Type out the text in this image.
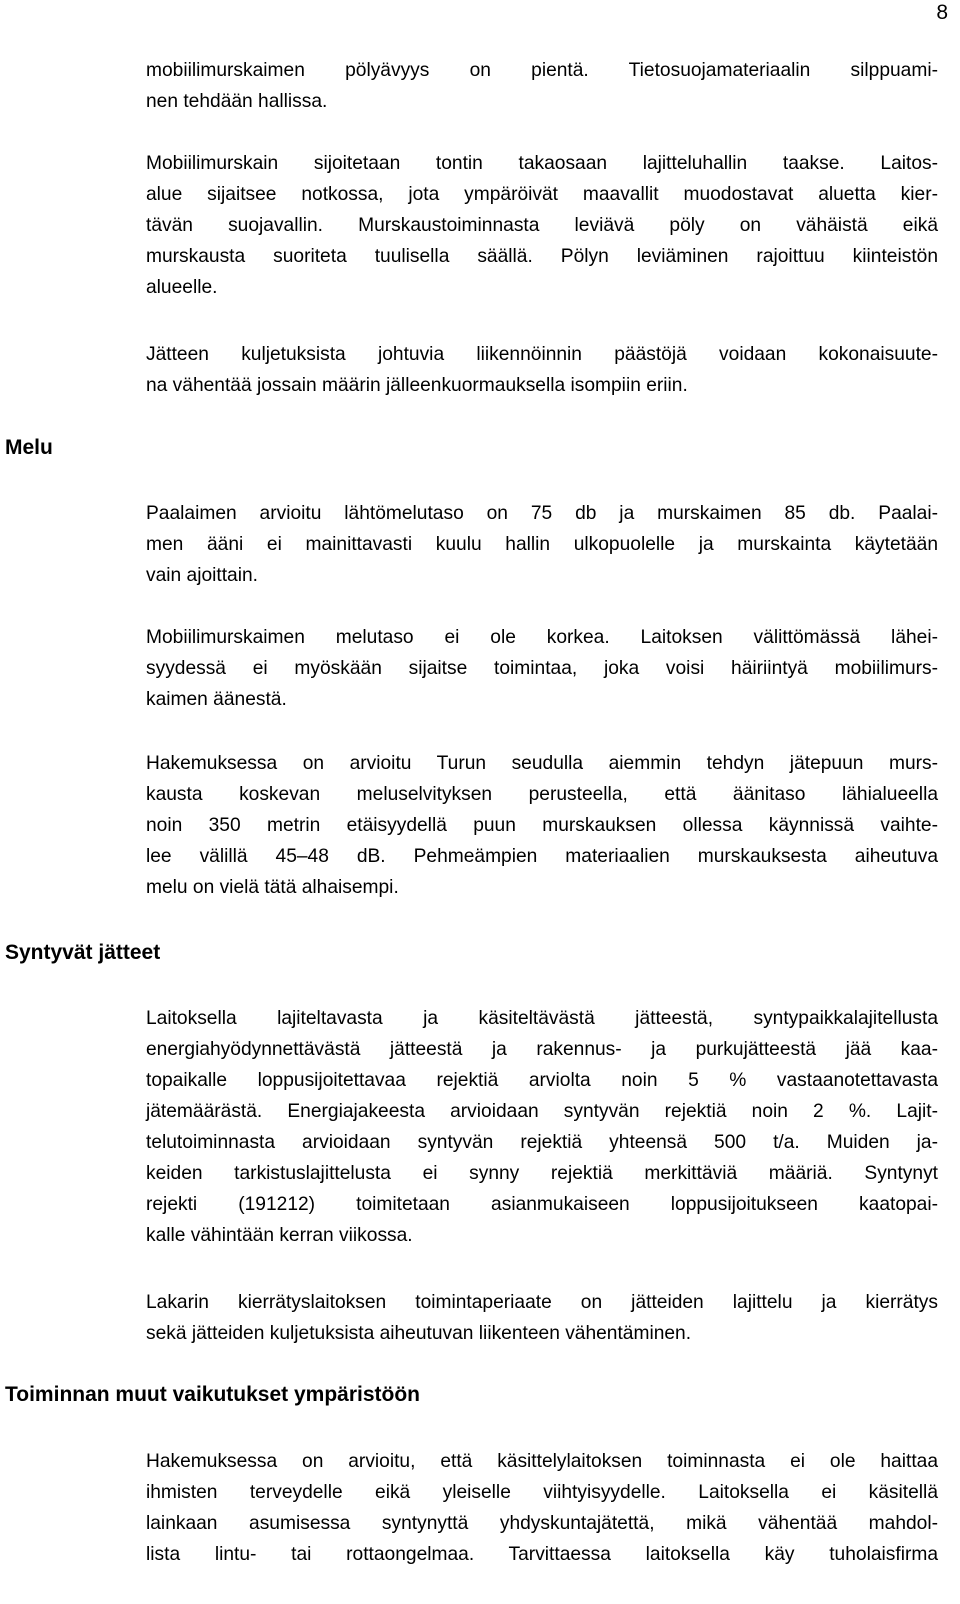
8
mobiilimurskaimen pölyävyys on pientä. Tietosuojamateriaalin silppuami-
nen tehdään hallissa.
Mobiilimurskain sijoitetaan tontin takaosaan lajitteluhallin taakse. Laitos-
alue sijaitsee notkossa, jota ympäröivät maavallit muodostavat aluetta kier-
tävän suojavallin. Murskaustoiminnasta leviävä pöly on vähäistä eikä
murskausta suoriteta tuulisella säällä. Pölyn leviäminen rajoittuu kiinteistön
alueelle.
Jätteen kuljetuksista johtuvia liikennöinnin päästöjä voidaan kokonaisuute-
na vähentää jossain määrin jälleenkuormauksella isompiin eriin.
Melu
Paalaimen arvioitu lähtömelutaso on 75 db ja murskaimen 85 db. Paalai-
men ääni ei mainittavasti kuulu hallin ulkopuolelle ja murskainta käytetään
vain ajoittain.
Mobiilimurskaimen melutaso ei ole korkea. Laitoksen välittömässä lähei-
syydessä ei myöskään sijaitse toimintaa, joka voisi häiriintyä mobiilimurs-
kaimen äänestä.
Hakemuksessa on arvioitu Turun seudulla aiemmin tehdyn jätepuun murs-
kausta koskevan meluselvityksen perusteella, että äänitaso lähialueella
noin 350 metrin etäisyydellä puun murskauksen ollessa käynnissä vaihte-
lee välillä 45–48 dB. Pehmeämpien materiaalien murskauksesta aiheutuva
melu on vielä tätä alhaisempi.
Syntyvät jätteet
Laitoksella lajiteltavasta ja käsiteltävästä jätteestä, syntypaikkalajitellusta
energiahyödynnettävästä jätteestä ja rakennus- ja purkujätteestä jää kaa-
topaikalle loppusijoitettavaa rejektiä arviolta noin 5 % vastaanotettavasta
jätemäärästä. Energiajakeesta arvioidaan syntyvän rejektiä noin 2 %. Lajit-
telutoiminnasta arvioidaan syntyvän rejektiä yhteensä 500 t/a. Muiden ja-
keiden tarkistuslajittelusta ei synny rejektiä merkittäviä määriä. Syntynyt
rejekti (191212) toimitetaan asianmukaiseen loppusijoitukseen kaatopai-
kalle vähintään kerran viikossa.
Lakarin kierrätyslaitoksen toimintaperiaate on jätteiden lajittelu ja kierrätys
sekä jätteiden kuljetuksista aiheutuvan liikenteen vähentäminen.
Toiminnan muut vaikutukset ympäristöön
Hakemuksessa on arvioitu, että käsittelylaitoksen toiminnasta ei ole haittaa
ihmisten terveydelle eikä yleiselle viihtyisyydelle. Laitoksella ei käsitellä
lainkaan asumisessa syntynyttä yhdyskuntajätettä, mikä vähentää mahdol-
lista lintu- tai rottaongelmaa. Tarvittaessa laitoksella käy tuholaisfirma
